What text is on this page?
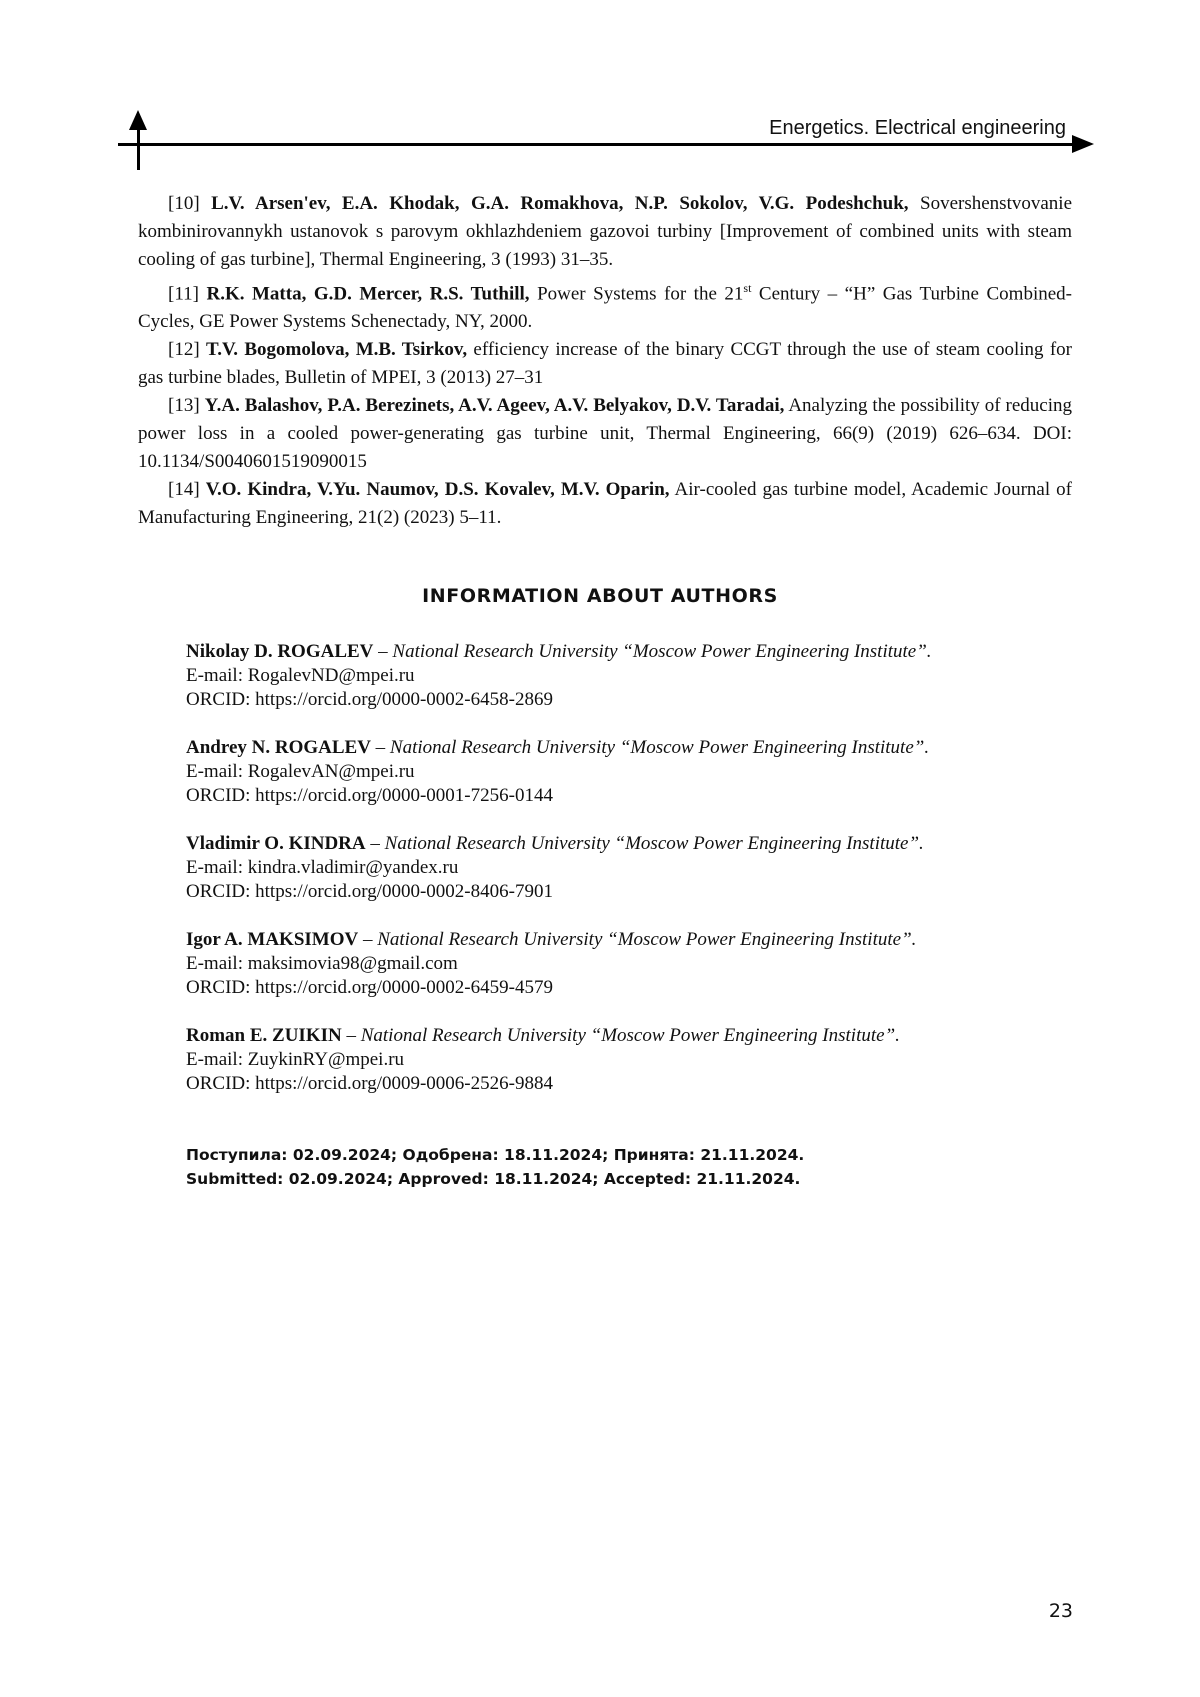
Energetics. Electrical engineering

[10] L.V. Arsen'ev, E.A. Khodak, G.A. Romakhova, N.P. Sokolov, V.G. Podeshchuk, Sovershenstvovanie kombinirovannykh ustanovok s parovym okhlazhdeniem gazovoi turbiny [Improvement of combined units with steam cooling of gas turbine], Thermal Engineering, 3 (1993) 31–35.

[11] R.K. Matta, G.D. Mercer, R.S. Tuthill, Power Systems for the 21st Century – “H” Gas Turbine Combined-Cycles, GE Power Systems Schenectady, NY, 2000.

[12] T.V. Bogomolova, M.B. Tsirkov, efficiency increase of the binary CCGT through the use of steam cooling for gas turbine blades, Bulletin of MPEI, 3 (2013) 27–31

[13] Y.A. Balashov, P.A. Berezinets, A.V. Ageev, A.V. Belyakov, D.V. Taradai, Analyzing the possibility of reducing power loss in a cooled power-generating gas turbine unit, Thermal Engineering, 66(9) (2019) 626–634. DOI: 10.1134/S0040601519090015

[14] V.O. Kindra, V.Yu. Naumov, D.S. Kovalev, M.V. Oparin, Air-cooled gas turbine model, Academic Journal of Manufacturing Engineering, 21(2) (2023) 5–11.

INFORMATION ABOUT AUTHORS
Nikolay D. ROGALEV – National Research University “Moscow Power Engineering Institute”.
E-mail: RogalevND@mpei.ru
ORCID: https://orcid.org/0000-0002-6458-2869
Andrey N. ROGALEV – National Research University “Moscow Power Engineering Institute”.
E-mail: RogalevAN@mpei.ru
ORCID: https://orcid.org/0000-0001-7256-0144
Vladimir O. KINDRA – National Research University “Moscow Power Engineering Institute”.
E-mail: kindra.vladimir@yandex.ru
ORCID: https://orcid.org/0000-0002-8406-7901
Igor A. MAKSIMOV – National Research University “Moscow Power Engineering Institute”.
E-mail: maksimovia98@gmail.com
ORCID: https://orcid.org/0000-0002-6459-4579
Roman E. ZUIKIN – National Research University “Moscow Power Engineering Institute”.
E-mail: ZuykinRY@mpei.ru
ORCID: https://orcid.org/0009-0006-2526-9884
Поступила: 02.09.2024; Одобрена: 18.11.2024; Принята: 21.11.2024.
Submitted: 02.09.2024; Approved: 18.11.2024; Accepted: 21.11.2024.
23
